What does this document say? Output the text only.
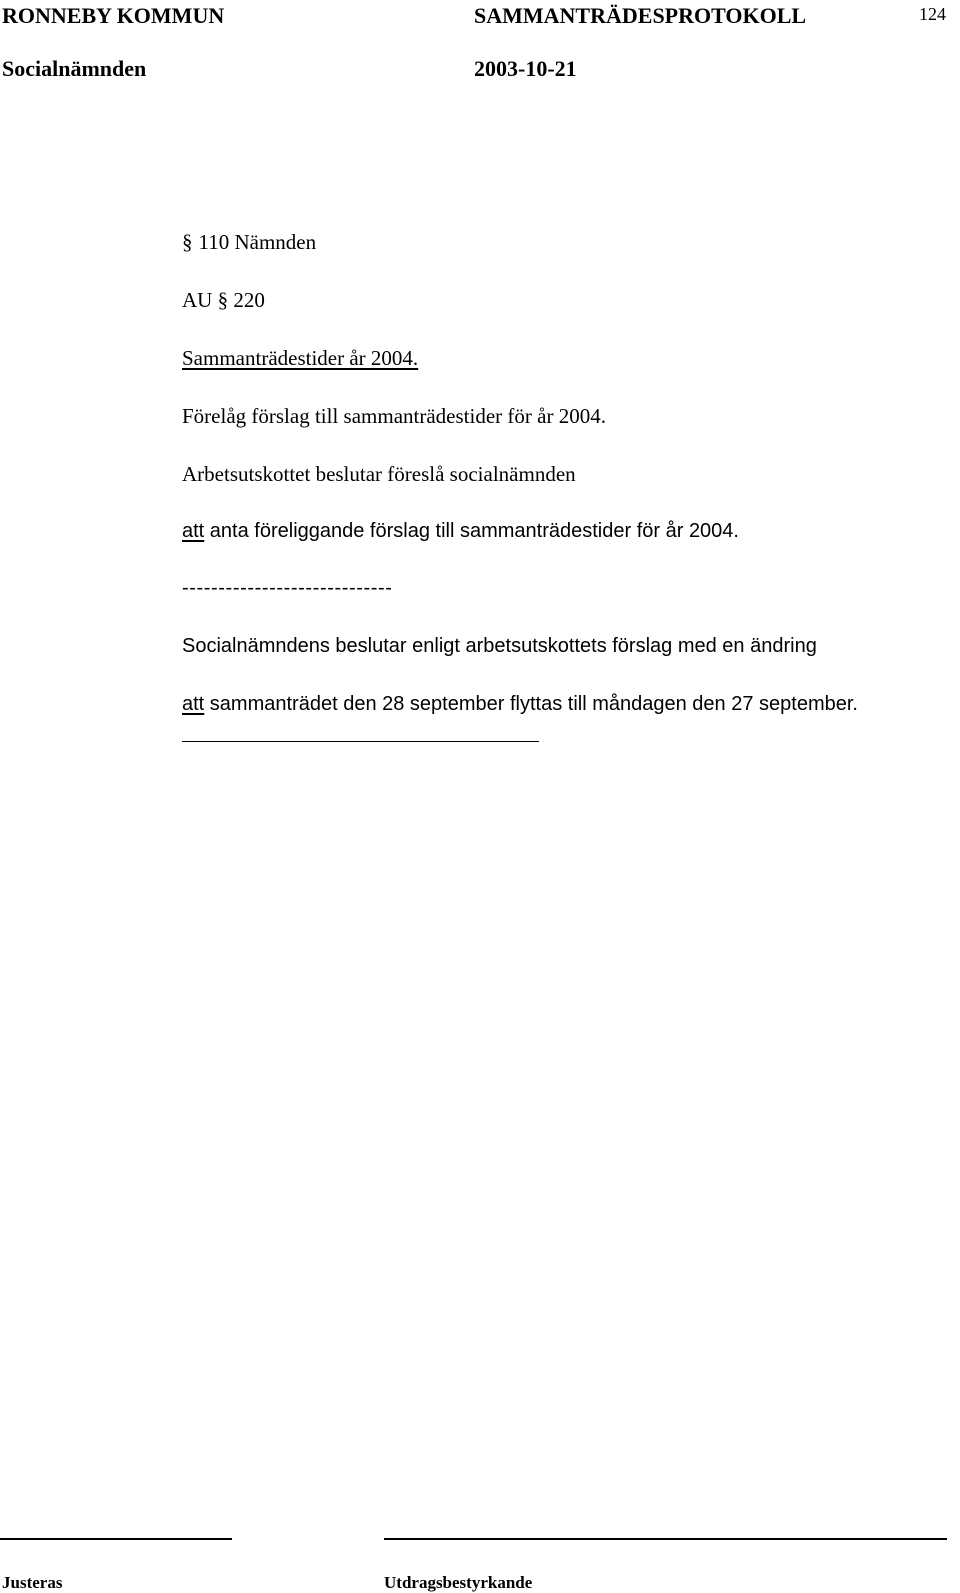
RONNEBY KOMMUN	SAMMANTRÄDESPROTOKOLL	124
Socialnämnden	2003-10-21
§ 110 Nämnden
AU § 220
Sammanträdestider år 2004.
Förelåg förslag till sammanträdestider för år 2004.
Arbetsutskottet beslutar föreslå socialnämnden
att anta föreliggande förslag till sammanträdestider för år 2004.
-----------------------------
Socialnämndens beslutar enligt arbetsutskottets förslag med en ändring
att sammanträdet den 28 september flyttas till måndagen den 27 september.
Justeras	Utdragsbestyrkande
